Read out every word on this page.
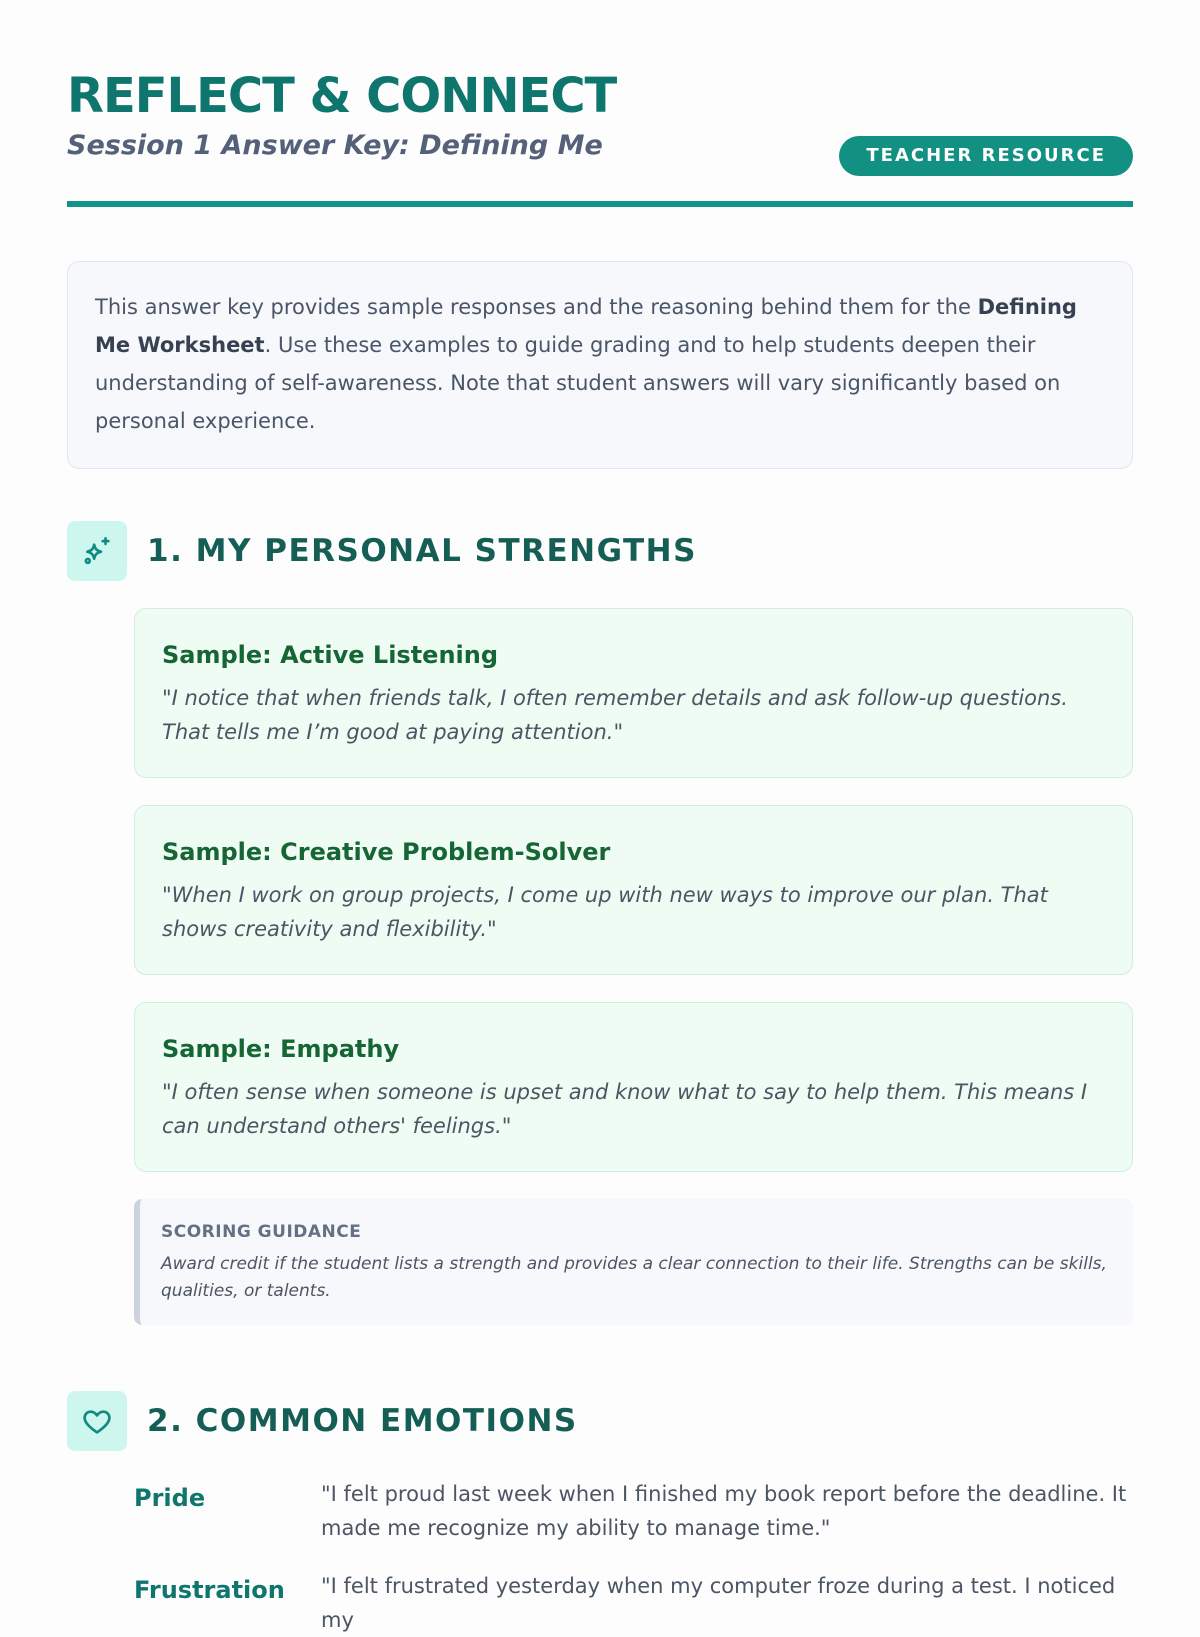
REFLECT & CONNECT
Session 1 Answer Key: Defining Me	TEACHER RESOURCE
This answer key provides sample responses and the reasoning behind them for the Defining Me Worksheet. Use these examples to guide grading and to help students deepen their understanding of self-awareness. Note that student answers will vary significantly based on personal experience.
1. MY PERSONAL STRENGTHS
Sample: Active Listening
"I notice that when friends talk, I often remember details and ask follow-up questions. That tells me I’m good at paying attention."
Sample: Creative Problem-Solver
"When I work on group projects, I come up with new ways to improve our plan. That shows creativity and flexibility."
Sample: Empathy
"I often sense when someone is upset and know what to say to help them. This means I can understand others' feelings."
SCORING GUIDANCE
Award credit if the student lists a strength and provides a clear connection to their life. Strengths can be skills, qualities, or talents.
2. COMMON EMOTIONS
Pride	"I felt proud last week when I finished my book report before the deadline. It made me recognize my ability to manage time."
Frustration	"I felt frustrated yesterday when my computer froze during a test. I noticed my
